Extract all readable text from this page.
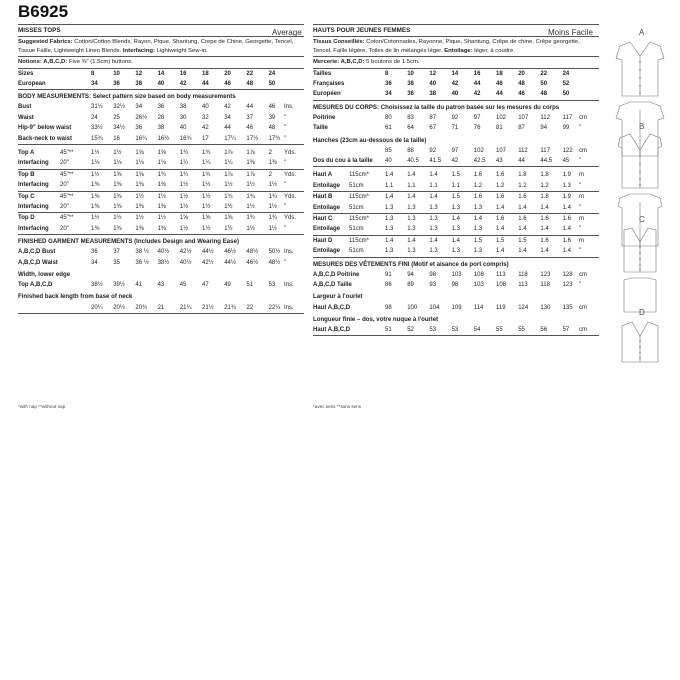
B6925
Average	Moins Facile
MISSES TOPS
Suggested Fabrics: Cotton/Cotton Blends, Rayon, Pique, Shantung, Crepe de Chine, Georgette, Tencel, Tissue Faille, Lightweight Linen Blends. Interfacing: Lightweight Sew-in.
Notions: A,B,C,D: Five ⅝" (1.5cm) buttons.
Sizes	8	10	12	14	16	18	20	22	24
European	34	36	38	40	42	44	46	48	50
BODY MEASUREMENTS: Select pattern size based on body measurements
Bust	31½ 32½ 34	36	38	40	42	44	46 Ins.
Waist	24	25	26½ 28	30	32	34	37	39 "
Hip-9" below waist	33½ 34½ 36	38	40	42	44	46	48 "
Back-neck to waist	15¾ 16	16¼ 16½ 16¾ 17	17¼ 17½ 17¾ "
Top A	45"**	1½ 1½ 1⅝ 1⅝ 1¾ 1¾ 1⅞ 1⅞ 2 Yds.
Interfacing 20"	1⅛ 1⅛ 1⅛ 1⅛ 1¼ 1¼ 1¼ 1⅜ 1⅜ "
Top B	45"**	1½ 1⅝ 1⅝ 1¾ 1¾ 1¾ 1⅞ 1⅞ 2 Yds.
Interfacing 20"	1⅜ 1⅜ 1⅜ 1⅜ 1½ 1½ 1½ 1½ 1½ "
Top C	45"**	1⅜ 1⅜ 1½ 1½ 1½ 1½ 1¾ 1¾ 1¾ Yds.
Interfacing 20"	1⅜ 1⅜ 1⅜ 1⅜ 1½ 1½ 1½ 1½ 1½ "
Top D	45"**	1½ 1½ 1½ 1½ 1⅝ 1⅝ 1⅝ 1¾ 1¾ Yds.
Interfacing 20"	1⅜ 1⅜ 1⅜ 1⅜ 1½ 1½ 1½ 1½ 1½ "
FINISHED GARMENT MEASUREMENTS (Includes Design and Wearing Ease)
A,B,C,D Bust	36	37	38 ½ 40½ 42½ 44½ 46½ 48½ 50½ Ins.
A,B,C,D Waist	34	35	36 ½ 38½ 40½ 42½ 44½ 46½ 48½ "
Width, lower edge
Top A,B,C,D	38½ 39½ 41	43	45	47	49	51	53 Ins.
Finished back length from base of neck
20¼ 20½ 20¾ 21	21¼ 21½ 21¾ 22	22¼ Ins.
HAUTS POUR JEUNES FEMMES
Tissus Conseillés: Coton/Cotonnades, Rayonne, Pique, Shantung, Crêpe de chine, Crêpe georgette, Tencel, Faille légère, Toiles de lin mélangés léger. Entoilage: léger, à coudre.
Mercerie: A,B,C,D: 5 boutons de 1.5cm.
Tailles	8	10	12	14	16	18	20	22	24
Françaises	36	38	40	42	44	46	48	50	52
Européen	34	36	38	40	42	44	46	48	50
MESURES DU CORPS: Choisissez la taille du patron basée sur les mesures du corps
Poitrine	80	83	87	92	97	102 107 112 117 cm
Taille	61	64	67	71	76	81	87	94	99 "
Hanches (23cm au-dessous de la taille)
85	88	92	97	102 107 112 117 122 cm
Dos du cou à la taille 40	40.5 41.5 42	42.5 43	44	44.5 45 "
Haut A	115cm*	1.4 1.4 1.4 1.5 1.6 1.6 1.8 1.8 1.9 m
Entoilage 51cm	1.1 1.1 1.1 1.1 1.2 1.2 1.2 1.2 1.3 "
Haut B	115cm*	1.4 1.4 1.4 1.5 1.6 1.6 1.6 1.8 1.9 m
Entoilage 51cm	1.3 1.3 1.3 1.3 1.3 1.4 1.4 1.4 1.4 "
Haut C	115cm*	1.3 1.3 1.3 1.4 1.4 1.6 1.6 1.6 1.6 m
Entoilage 51cm	1.3 1.3 1.3 1.3 1.3 1.4 1.4 1.4 1.4 "
Haut D	115cm*	1.4 1.4 1.4 1.4 1.5 1.5 1.5 1.6 1.6 m
Entoilage 51cm	1.3 1.3 1.3 1.3 1.3 1.4 1.4 1.4 1.4 "
MESURES DES VÊTEMENTS FINI (Motif et aisance de port compris)
A,B,C,D Poitrine	91	94	98	103 108 113 118 123 128 cm
A,B,C,D Taille	86	89	93	98	103 108 113 118 123 "
Largeur à l'ourlet
Haut A,B,C,D	98	100 104 109 114 119 124 130 135 cm
Longueur finie – dos, votre nuque à l'ourlet
Haut A,B,C,D	51	52	53	53	54	55	55	56	57 cm
*with nap **without nap	*avec sens **sans sens
A
B
C
D
